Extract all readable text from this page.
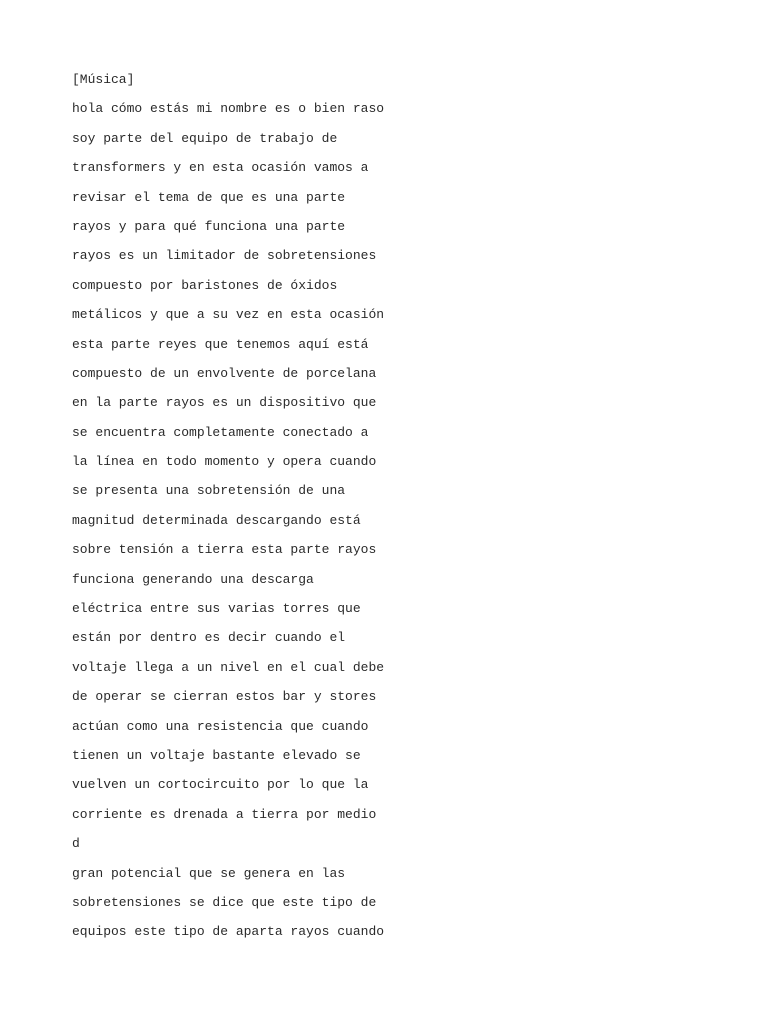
[Música]
hola cómo estás mi nombre es o bien raso
soy parte del equipo de trabajo de
transformers y en esta ocasión vamos a
revisar el tema de que es una parte
rayos y para qué funciona una parte
rayos es un limitador de sobretensiones
compuesto por baristones de óxidos
metálicos y que a su vez en esta ocasión
esta parte reyes que tenemos aquí está
compuesto de un envolvente de porcelana
en la parte rayos es un dispositivo que
se encuentra completamente conectado a
la línea en todo momento y opera cuando
se presenta una sobretensión de una
magnitud determinada descargando está
sobre tensión a tierra esta parte rayos
funciona generando una descarga
eléctrica entre sus varias torres que
están por dentro es decir cuando el
voltaje llega a un nivel en el cual debe
de operar se cierran estos bar y stores
actúan como una resistencia que cuando
tienen un voltaje bastante elevado se
vuelven un cortocircuito por lo que la
corriente es drenada a tierra por medio
d
gran potencial que se genera en las
sobretensiones se dice que este tipo de
equipos este tipo de aparta rayos cuando
